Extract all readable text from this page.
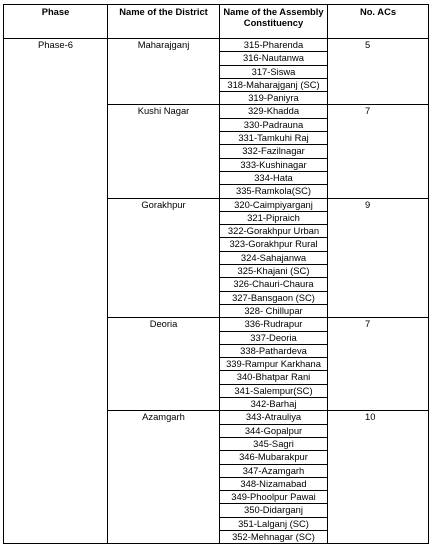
Phase	Name of the District	Name of the Assembly Constituency	No. ACs
Phase-6	Maharajganj	315-Pharenda	5
		316-Nautanwa	
		317-Siswa	
		318-Maharajganj (SC)	
		319-Paniyra	
	Kushi Nagar	329-Khadda	7
		330-Padrauna	
		331-Tamkuhi Raj	
		332-Fazilnagar	
		333-Kushinagar	
		334-Hata	
		335-Ramkola(SC)	
	Gorakhpur	320-Caimpiyarganj	9
		321-Pipraich	
		322-Gorakhpur Urban	
		323-Gorakhpur Rural	
		324-Sahajanwa	
		325-Khajani (SC)	
		326-Chauri-Chaura	
		327-Bansgaon (SC)	
		328- Chillupar	
	Deoria	336-Rudrapur	7
		337-Deoria	
		338-Pathardeva	
		339-Rampur Karkhana	
		340-Bhatpar Rani	
		341-Salempur(SC)	
		342-Barhaj	
	Azamgarh	343-Atrauliya	10
		344-Gopalpur	
		345-Sagri	
		346-Mubarakpur	
		347-Azamgarh	
		348-Nizamabad	
		349-Phoolpur Pawai	
		350-Didarganj	
		351-Lalganj (SC)	
		352-Mehnagar (SC)	
